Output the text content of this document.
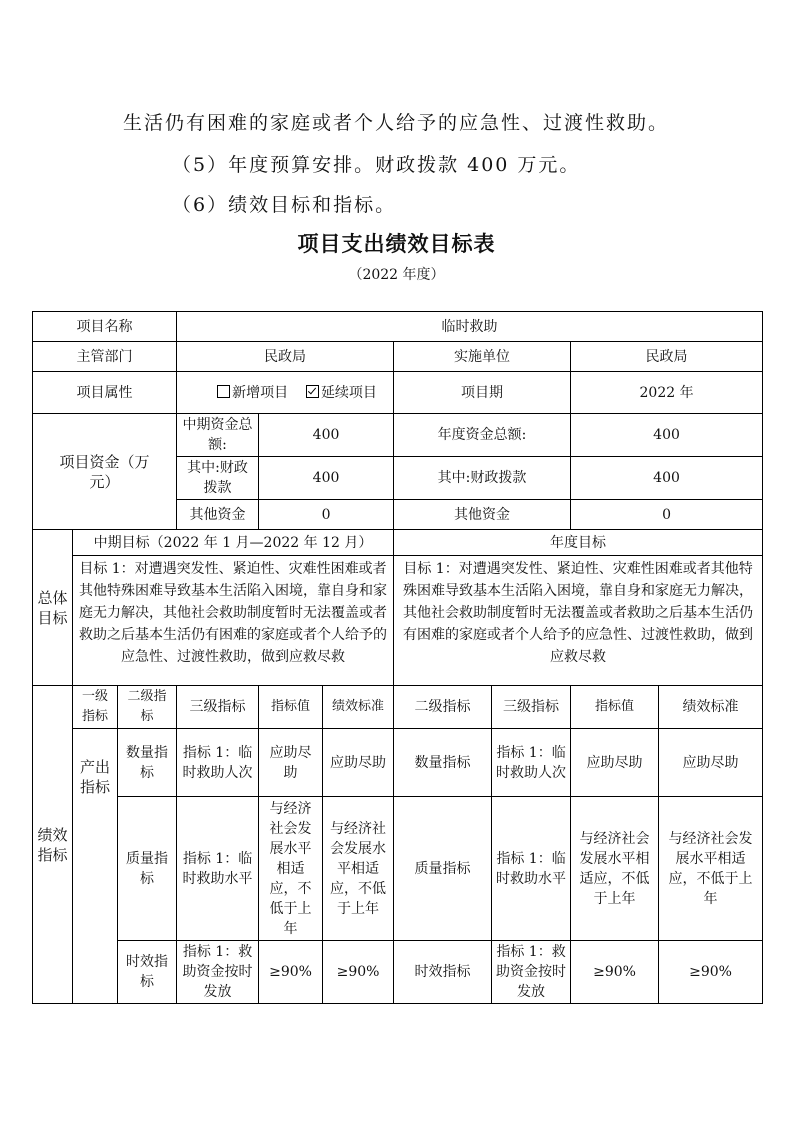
生活仍有困难的家庭或者个人给予的应急性、过渡性救助。
（5）年度预算安排。财政拨款 400 万元。
（6）绩效目标和指标。
项目支出绩效目标表
（2022 年度）
项目名称			临时救助						
主管部门			民政局			实施单位		民政局	
项目属性			新增项目 延续项目			项目期		2022 年	
项目资金（万元）			中期资金总额:	400		年度资金总额:		400	
			其中:财政拨款	400		其中:财政拨款		400	
			其他资金	0		其他资金		0	
总体目标	中期目标（2022 年 1 月—2022 年 12 月）					年度目标			
	目标 1：对遭遇突发性、紧迫性、灾难性困难或者其他特殊困难导致基本生活陷入困境，靠自身和家庭无力解决，其他社会救助制度暂时无法覆盖或者救助之后基本生活仍有困难的家庭或者个人给予的应急性、过渡性救助，做到应救尽救					目标 1：对遭遇突发性、紧迫性、灾难性困难或者其他特殊困难导致基本生活陷入困境，靠自身和家庭无力解决，其他社会救助制度暂时无法覆盖或者救助之后基本生活仍有困难的家庭或者个人给予的应急性、过渡性救助，做到应救尽救			
绩效指标	一级指标	二级指标	三级指标	指标值	绩效标准	二级指标	三级指标	指标值	绩效标准
	产出指标	数量指标	指标 1：临时救助人次	应助尽助	应助尽助	数量指标	指标 1：临时救助人次	应助尽助	应助尽助
		质量指标	指标 1：临时救助水平	与经济社会发展水平相适应，不低于上年	与经济社会发展水平相适应，不低于上年	质量指标	指标 1：临时救助水平	与经济社会发展水平相适应，不低于上年	与经济社会发展水平相适应，不低于上年
		时效指标	指标 1：救助资金按时发放	≥90%	≥90%	时效指标	指标 1：救助资金按时发放	≥90%	≥90%
